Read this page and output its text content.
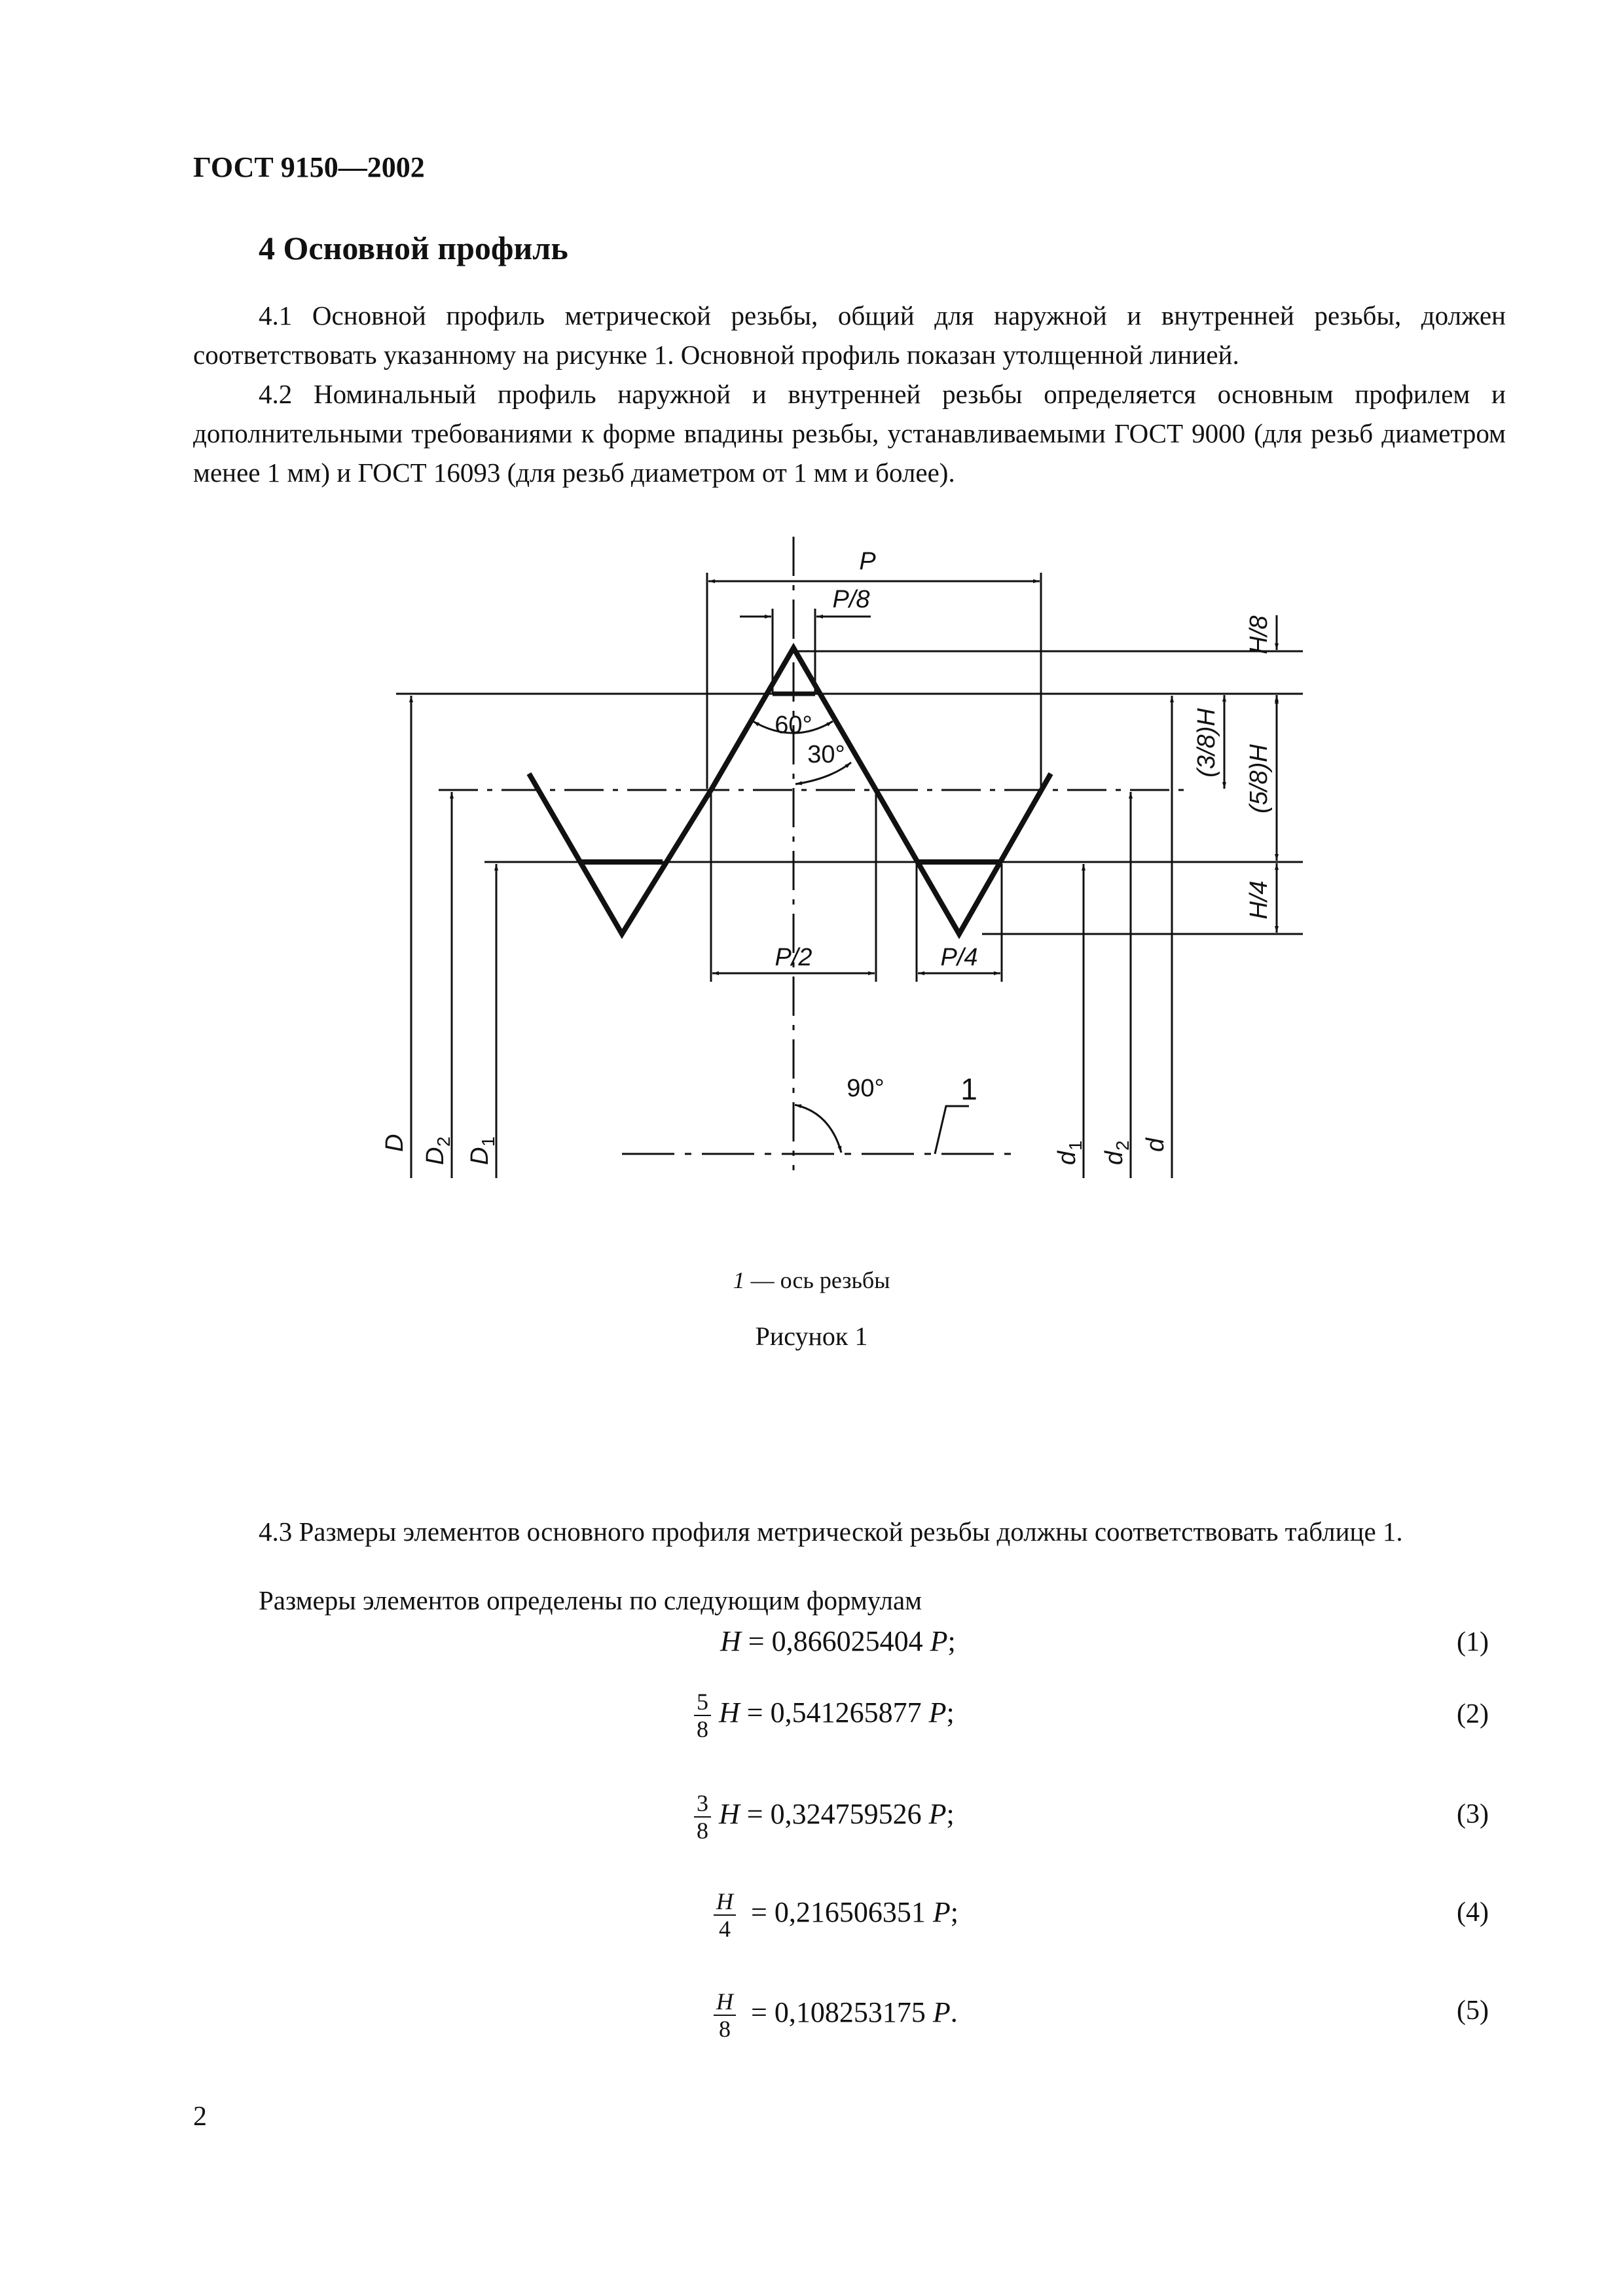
ГОСТ 9150—2002
4 Основной профиль

4.1 Основной профиль метрической резьбы, общий для наружной и внутренней резьбы, должен соответствовать указанному на рисунке 1. Основной профиль показан утолщенной линией.

4.2 Номинальный профиль наружной и внутренней резьбы определяется основным профилем и дополнительными требованиями к форме впадины резьбы, устанавливаемыми ГОСТ 9000 (для резьб диаметром менее 1 мм) и ГОСТ 16093 (для резьб диаметром от 1 мм и более).

P
P/8
60°
30°
P/2	P/4
90°	1
H/8
(3/8)H
(5/8)H
H/4
D
D
2
D
1
d
1
d
2 d
1 — ось резьбы
Рисунок 1

4.3 Размеры элементов основного профиля метрической резьбы должны соответствовать таблице 1.

Размеры элементов определены по следующим формулам

H = 0,866025404 P;	(1)
$\frac{5}{8}$ H = 0,541265877 P;	(2)
$\frac{3}{8}$ H = 0,324759526 P;	(3)
$\frac{H}{4} = 0,216506351$ P;	(4)
$\frac{H}{8} = 0,108253175$ P.	(5)
2
